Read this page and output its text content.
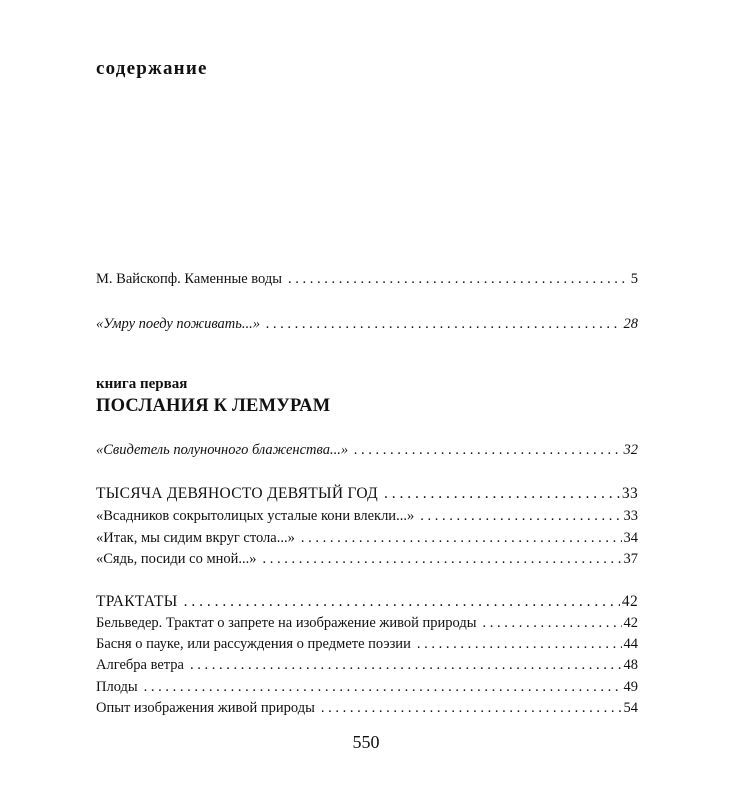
содержание
М. Вайскопф. Каменные воды . . .	5
«Умру поеду поживать...» . . .	28
книга первая
ПОСЛАНИЯ К ЛЕМУРАМ
«Свидетель полуночного блаженства...» . . .	32
ТЫСЯЧА ДЕВЯНОСТО ДЕВЯТЫЙ ГОД . . .	33
«Всадников сокрытолицых усталые кони влекли...» . . .	33
«Итак, мы сидим вкруг стола...» . . .	34
«Сядь, посиди со мной...» . . .	37
ТРАКТАТЫ . . .	42
Бельведер. Трактат о запрете на изображение живой природы . . .	42
Басня о пауке, или рассуждения о предмете поэзии . . .	44
Алгебра ветра . . .	48
Плоды . . .	49
Опыт изображения живой природы . . .	54
550
